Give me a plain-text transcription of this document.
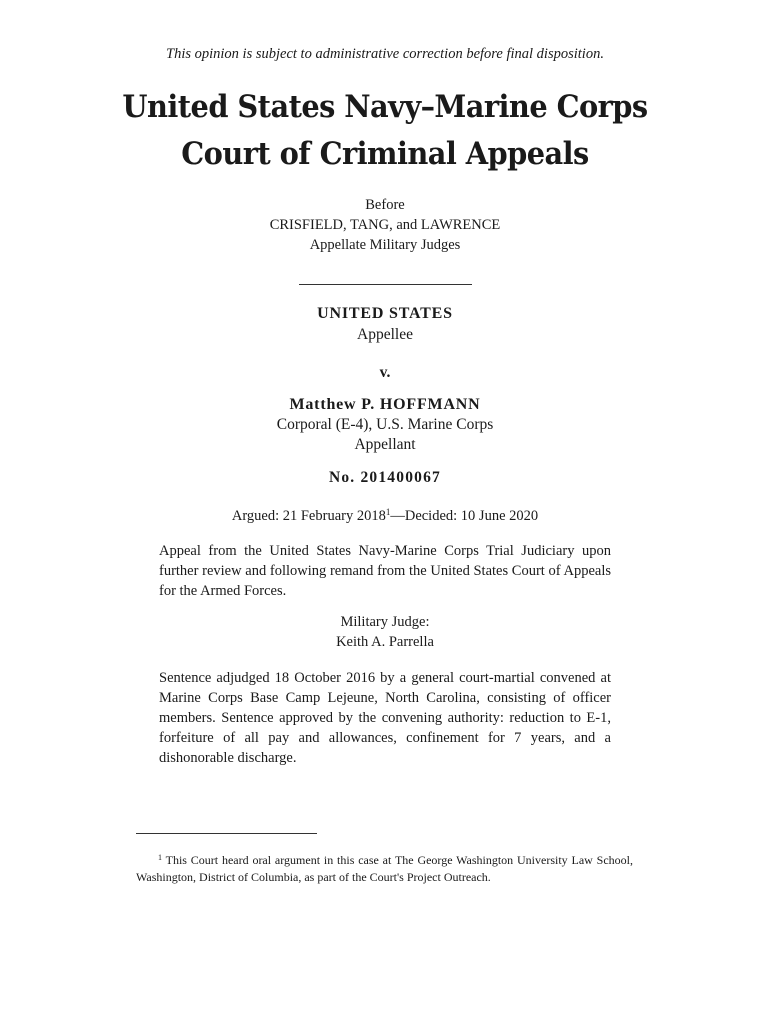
This opinion is subject to administrative correction before final disposition.
United States Navy–Marine Corps
Court of Criminal Appeals
Before
CRISFIELD, TANG, and LAWRENCE
Appellate Military Judges
UNITED STATES
Appellee
v.
Matthew P. HOFFMANN
Corporal (E-4), U.S. Marine Corps
Appellant
No. 201400067
Argued: 21 February 2018$^1$—Decided: 10 June 2020
Appeal from the United States Navy-Marine Corps Trial Judiciary upon further review and following remand from the United States Court of Appeals for the Armed Forces.
Military Judge:
Keith A. Parrella
Sentence adjudged 18 October 2016 by a general court-martial convened at Marine Corps Base Camp Lejeune, North Carolina, consisting of officer members. Sentence approved by the convening authority: reduction to E-1, forfeiture of all pay and allowances, confinement for 7 years, and a dishonorable discharge.
$^1$ This Court heard oral argument in this case at The George Washington University Law School, Washington, District of Columbia, as part of the Court's Project Outreach.
